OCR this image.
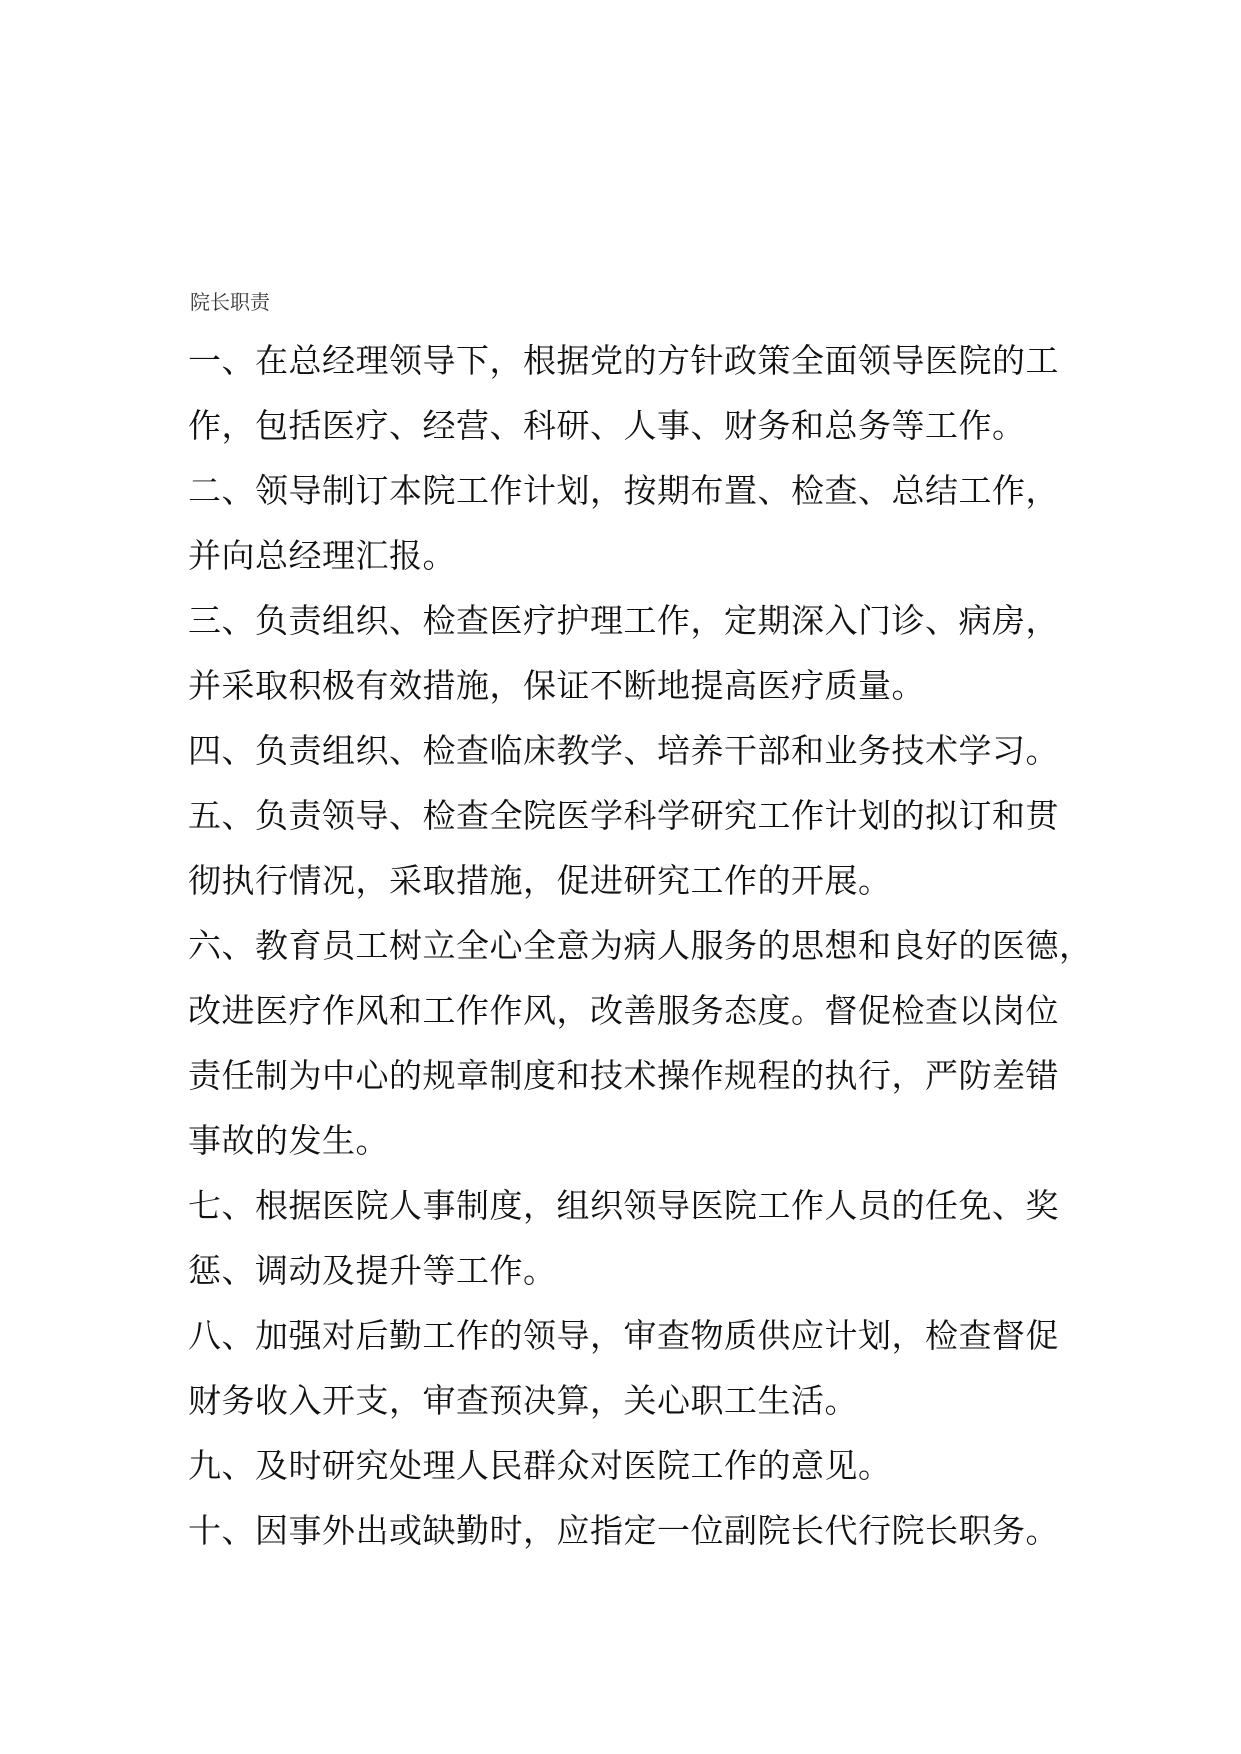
院长职责
一、在总经理领导下，根据党的方针政策全面领导医院的工
作，包括医疗、经营、科研、人事、财务和总务等工作。
二、领导制订本院工作计划，按期布置、检查、总结工作，
并向总经理汇报。
三、负责组织、检查医疗护理工作，定期深入门诊、病房，
并采取积极有效措施，保证不断地提高医疗质量。
四、负责组织、检查临床教学、培养干部和业务技术学习。
五、负责领导、检查全院医学科学研究工作计划的拟订和贯
彻执行情况，采取措施，促进研究工作的开展。
六、教育员工树立全心全意为病人服务的思想和良好的医德，
改进医疗作风和工作作风，改善服务态度。督促检查以岗位
责任制为中心的规章制度和技术操作规程的执行，严防差错
事故的发生。
七、根据医院人事制度，组织领导医院工作人员的任免、奖
惩、调动及提升等工作。
八、加强对后勤工作的领导，审查物质供应计划，检查督促
财务收入开支，审查预决算，关心职工生活。
九、及时研究处理人民群众对医院工作的意见。
十、因事外出或缺勤时，应指定一位副院长代行院长职务。
